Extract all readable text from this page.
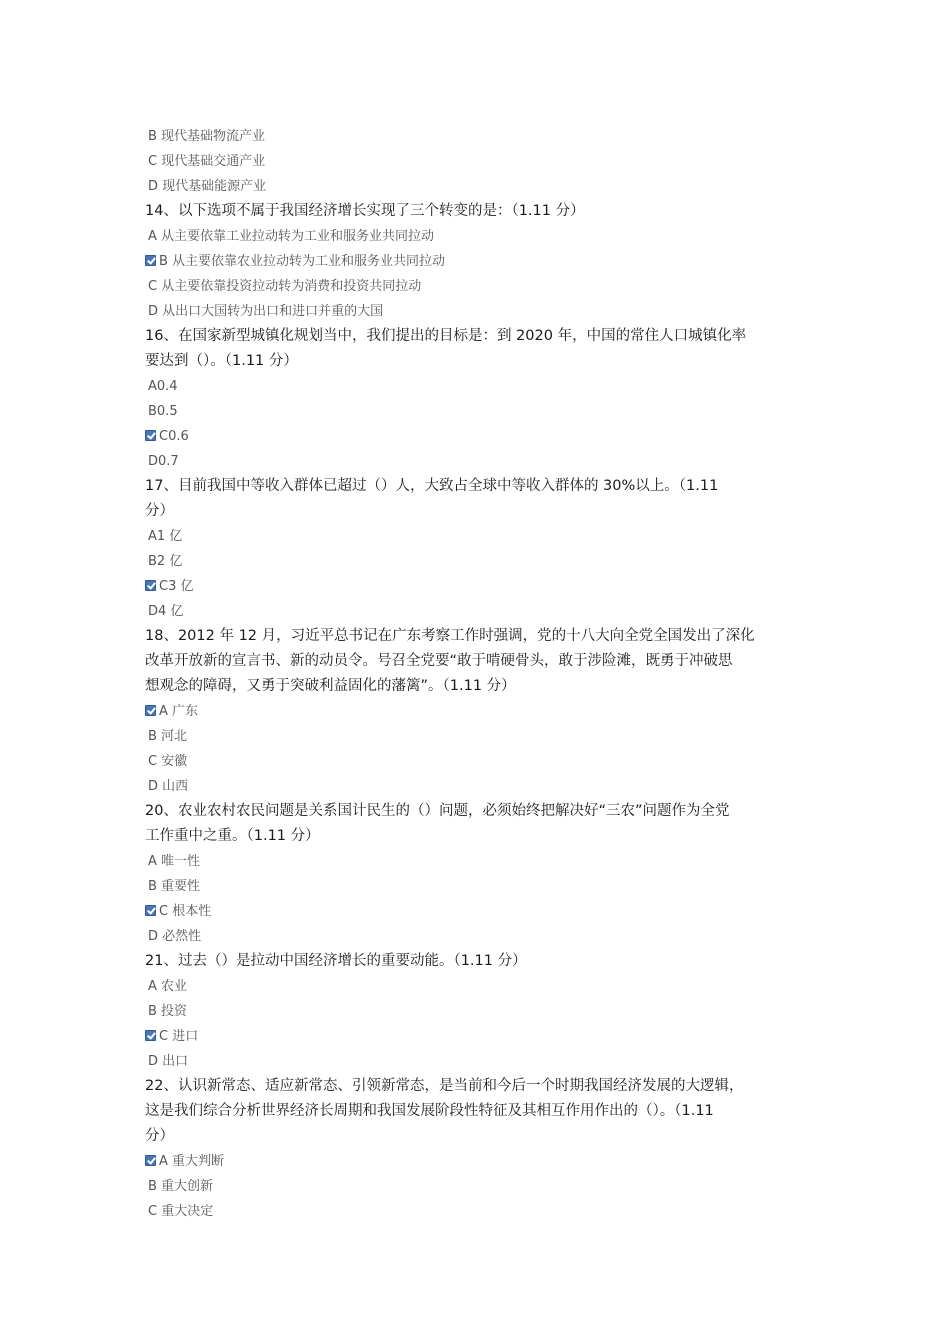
B 现代基础物流产业
C 现代基础交通产业
D 现代基础能源产业
14、以下选项不属于我国经济增长实现了三个转变的是：（1.11 分）
A 从主要依靠工业拉动转为工业和服务业共同拉动
B 从主要依靠农业拉动转为工业和服务业共同拉动
C 从主要依靠投资拉动转为消费和投资共同拉动
D 从出口大国转为出口和进口并重的大国
16、在国家新型城镇化规划当中，我们提出的目标是：到 2020 年，中国的常住人口城镇化率
要达到（）。（1.11 分）
A0.4
B0.5
C0.6
D0.7
17、目前我国中等收入群体已超过（）人，大致占全球中等收入群体的 30%以上。（1.11
分）
A1 亿
B2 亿
C3 亿
D4 亿
18、2012 年 12 月，习近平总书记在广东考察工作时强调，党的十八大向全党全国发出了深化
改革开放新的宣言书、新的动员令。号召全党要“敢于啃硬骨头，敢于涉险滩，既勇于冲破思
想观念的障碍，又勇于突破利益固化的藩篱”。（1.11 分）
A 广东
B 河北
C 安徽
D 山西
20、农业农村农民问题是关系国计民生的（）问题，必须始终把解决好“三农”问题作为全党
工作重中之重。（1.11 分）
A 唯一性
B 重要性
C 根本性
D 必然性
21、过去（）是拉动中国经济增长的重要动能。（1.11 分）
A 农业
B 投资
C 进口
D 出口
22、认识新常态、适应新常态、引领新常态，是当前和今后一个时期我国经济发展的大逻辑，
这是我们综合分析世界经济长周期和我国发展阶段性特征及其相互作用作出的（）。（1.11
分）
A 重大判断
B 重大创新
C 重大决定
